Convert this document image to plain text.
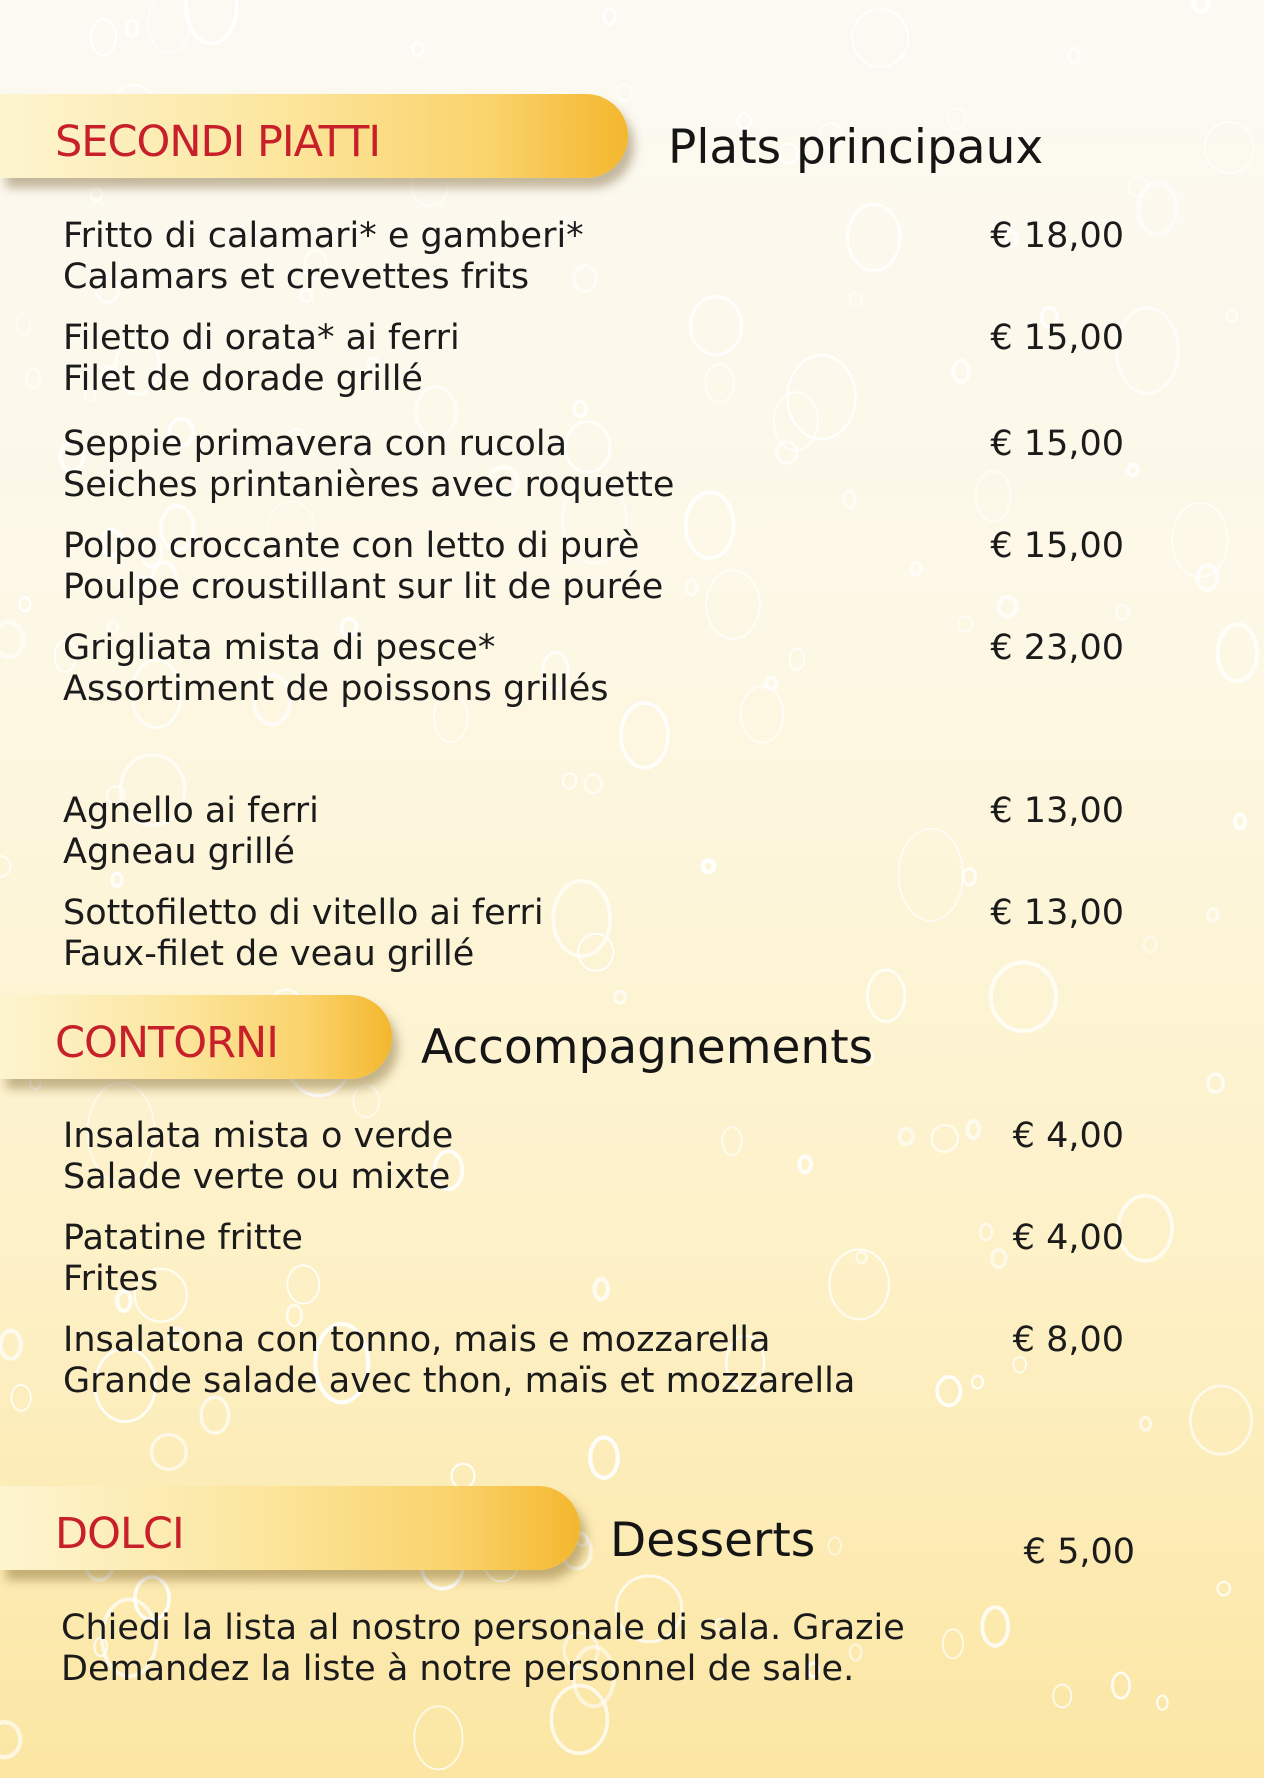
SECONDI PIATTI	Plats principaux
Fritto di calamari* e gamberi*
Calamars et crevettes frits
€ 18,00
Filetto di orata* ai ferri
Filet de dorade grillé
€ 15,00
Seppie primavera con rucola
Seiches printanières avec roquette
€ 15,00
Polpo croccante con letto di purè
Poulpe croustillant sur lit de purée
€ 15,00
Grigliata mista di pesce*
Assortiment de poissons grillés
€ 23,00
Agnello ai ferri
Agneau grillé
€ 13,00
Sottofiletto di vitello ai ferri
Faux-filet de veau grillé
€ 13,00
CONTORNI	Accompagnements
Insalata mista o verde
Salade verte ou mixte
€ 4,00
Patatine fritte
Frites
€ 4,00
Insalatona con tonno, mais e mozzarella
Grande salade avec thon, maïs et mozzarella
€ 8,00
DOLCI	Desserts	€ 5,00
Chiedi la lista al nostro personale di sala. Grazie
Demandez la liste à notre personnel de salle.
